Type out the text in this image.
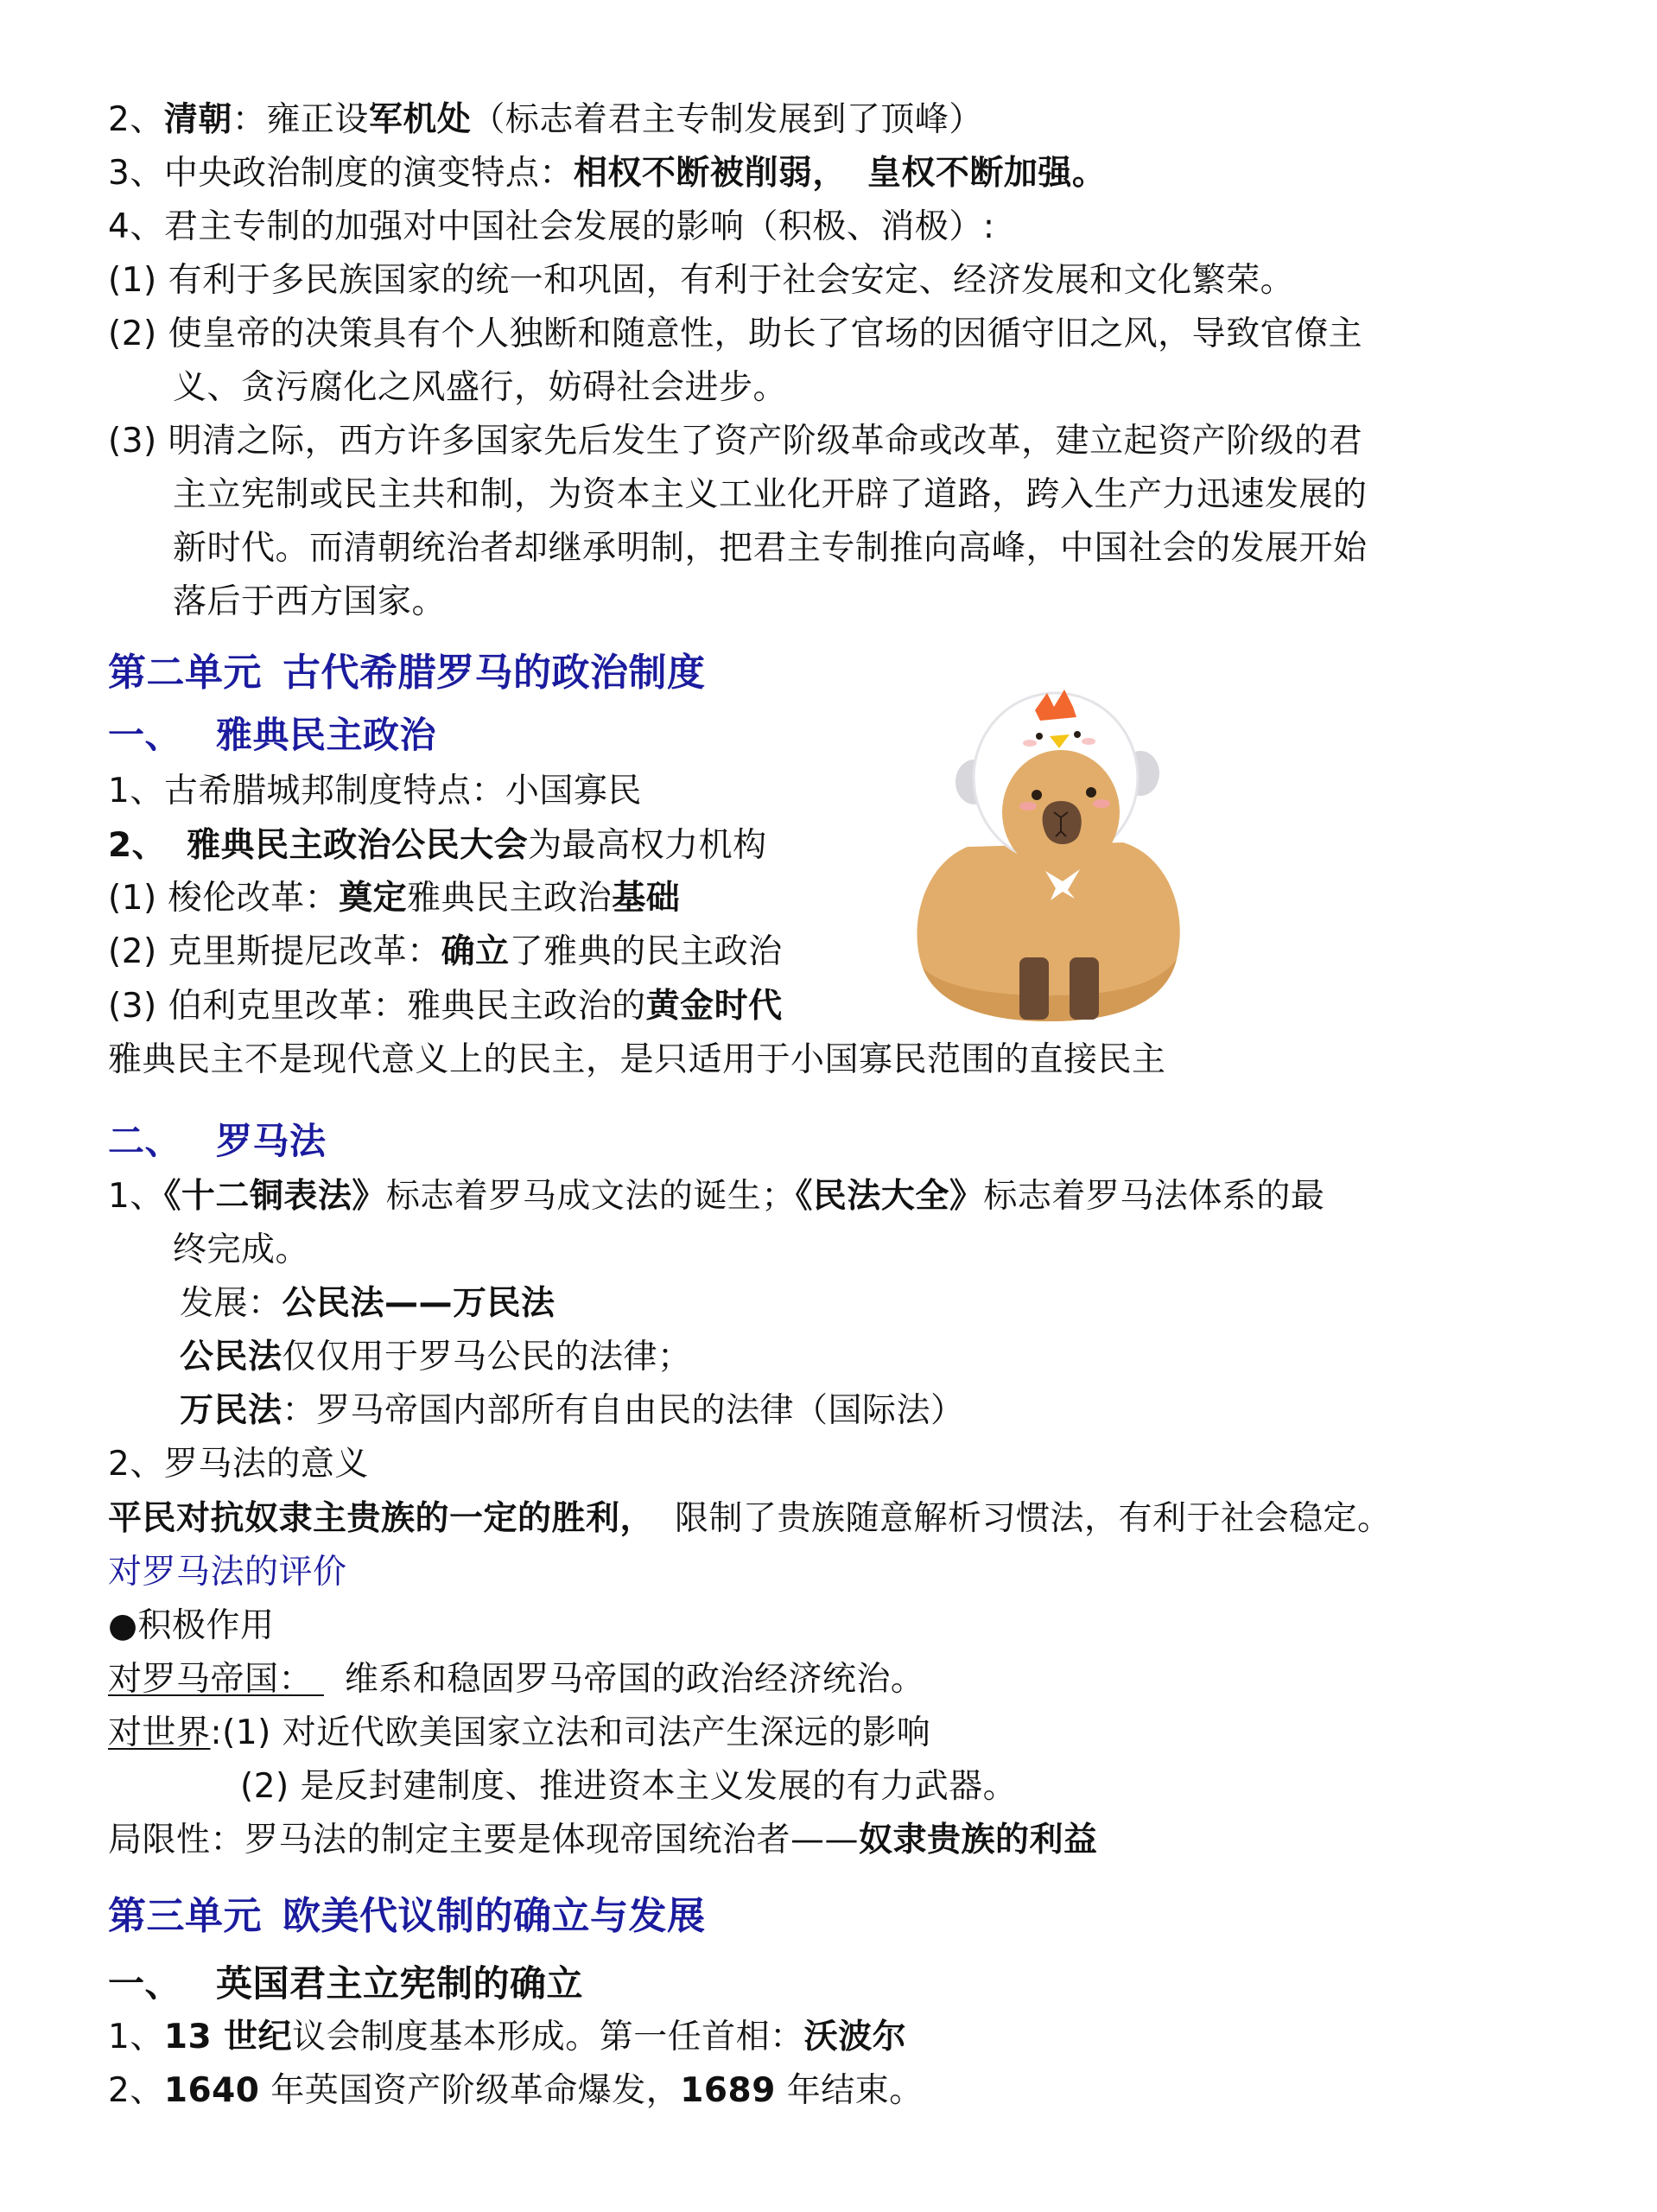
2、清朝：雍正设军机处（标志着君主专制发展到了顶峰）
3、中央政治制度的演变特点：相权不断被削弱， 皇权不断加强。
4、君主专制的加强对中国社会发展的影响（积极、消极）:
(1) 有利于多民族国家的统一和巩固，有利于社会安定、经济发展和文化繁荣。
(2) 使皇帝的决策具有个人独断和随意性，助长了官场的因循守旧之风，导致官僚主
义、贪污腐化之风盛行，妨碍社会进步。
(3) 明清之际，西方许多国家先后发生了资产阶级革命或改革，建立起资产阶级的君
主立宪制或民主共和制，为资本主义工业化开辟了道路，跨入生产力迅速发展的
新时代。而清朝统治者却继承明制，把君主专制推向高峰，中国社会的发展开始
落后于西方国家。
第二单元 古代希腊罗马的政治制度
一、 雅典民主政治
1、古希腊城邦制度特点：小国寡民
2、 雅典民主政治公民大会为最高权力机构
(1) 梭伦改革：奠定雅典民主政治基础
(2) 克里斯提尼改革：确立了雅典的民主政治
(3) 伯利克里改革：雅典民主政治的黄金时代
雅典民主不是现代意义上的民主，是只适用于小国寡民范围的直接民主
二、 罗马法
1、《十二铜表法》标志着罗马成文法的诞生；《民法大全》标志着罗马法体系的最
终完成。
发展：公民法——万民法
公民法仅仅用于罗马公民的法律；
万民法：罗马帝国内部所有自由民的法律（国际法）
2、罗马法的意义
平民对抗奴隶主贵族的一定的胜利， 限制了贵族随意解析习惯法，有利于社会稳定。
对罗马法的评价
●积极作用
对罗马帝国： 维系和稳固罗马帝国的政治经济统治。
对世界:(1) 对近代欧美国家立法和司法产生深远的影响
(2) 是反封建制度、推进资本主义发展的有力武器。
局限性：罗马法的制定主要是体现帝国统治者——奴隶贵族的利益
第三单元 欧美代议制的确立与发展
一、 英国君主立宪制的确立
1、13 世纪议会制度基本形成。第一任首相：沃波尔
2、1640 年英国资产阶级革命爆发，1689 年结束。
